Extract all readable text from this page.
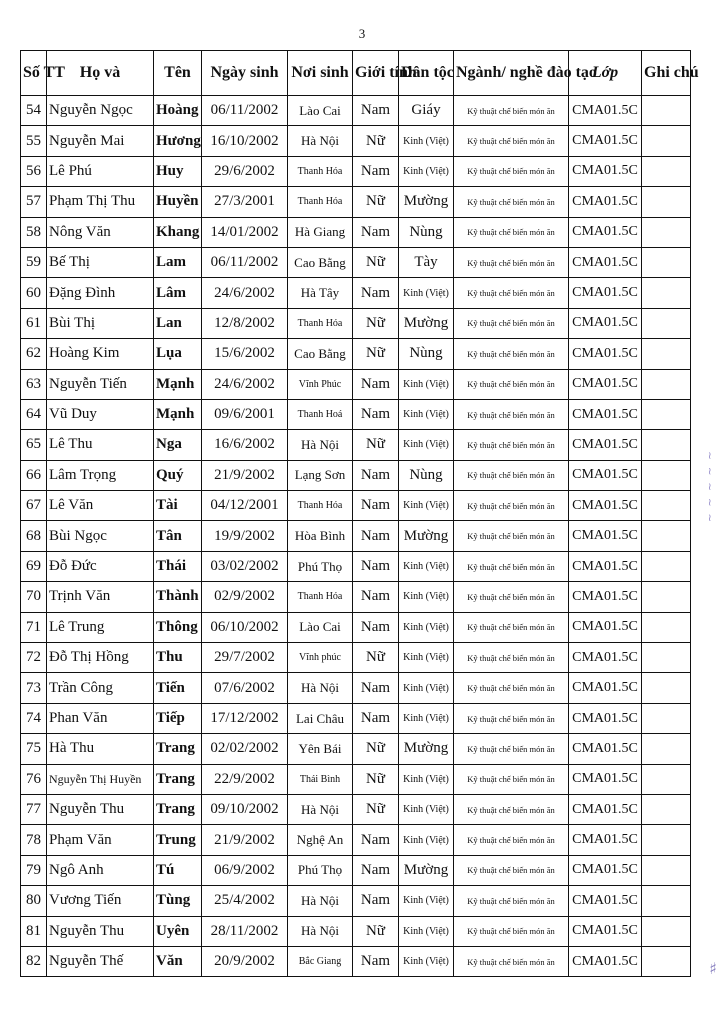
3
Số TT	Họ và	Tên	Ngày sinh	Nơi sinh	Giới tính	Dân tộc	Ngành/ nghề đào tạo	Lớp	Ghi chú
54	Nguyễn Ngọc	Hoàng	06/11/2002	Lào Cai	Nam	Giáy	Kỹ thuật chế biến món ăn	CMA01.5C	
55	Nguyễn Mai	Hương	16/10/2002	Hà Nội	Nữ	Kinh (Việt)	Kỹ thuật chế biến món ăn	CMA01.5C	
56	Lê Phú	Huy	29/6/2002	Thanh Hóa	Nam	Kinh (Việt)	Kỹ thuật chế biến món ăn	CMA01.5C	
57	Phạm Thị Thu	Huyền	27/3/2001	Thanh Hóa	Nữ	Mường	Kỹ thuật chế biến món ăn	CMA01.5C	
58	Nông Văn	Khang	14/01/2002	Hà Giang	Nam	Nùng	Kỹ thuật chế biến món ăn	CMA01.5C	
59	Bế Thị	Lam	06/11/2002	Cao Bằng	Nữ	Tày	Kỹ thuật chế biến món ăn	CMA01.5C	
60	Đặng Đình	Lâm	24/6/2002	Hà Tây	Nam	Kinh (Việt)	Kỹ thuật chế biến món ăn	CMA01.5C	
61	Bùi Thị	Lan	12/8/2002	Thanh Hóa	Nữ	Mường	Kỹ thuật chế biến món ăn	CMA01.5C	
62	Hoàng Kim	Lụa	15/6/2002	Cao Bằng	Nữ	Nùng	Kỹ thuật chế biến món ăn	CMA01.5C	
63	Nguyễn Tiến	Mạnh	24/6/2002	Vĩnh Phúc	Nam	Kinh (Việt)	Kỹ thuật chế biến món ăn	CMA01.5C	
64	Vũ Duy	Mạnh	09/6/2001	Thanh Hoá	Nam	Kinh (Việt)	Kỹ thuật chế biến món ăn	CMA01.5C	
65	Lê Thu	Nga	16/6/2002	Hà Nội	Nữ	Kinh (Việt)	Kỹ thuật chế biến món ăn	CMA01.5C	
66	Lâm Trọng	Quý	21/9/2002	Lạng Sơn	Nam	Nùng	Kỹ thuật chế biến món ăn	CMA01.5C	
67	Lê Văn	Tài	04/12/2001	Thanh Hóa	Nam	Kinh (Việt)	Kỹ thuật chế biến món ăn	CMA01.5C	
68	Bùi Ngọc	Tân	19/9/2002	Hòa Bình	Nam	Mường	Kỹ thuật chế biến món ăn	CMA01.5C	
69	Đỗ Đức	Thái	03/02/2002	Phú Thọ	Nam	Kinh (Việt)	Kỹ thuật chế biến món ăn	CMA01.5C	
70	Trịnh Văn	Thành	02/9/2002	Thanh Hóa	Nam	Kinh (Việt)	Kỹ thuật chế biến món ăn	CMA01.5C	
71	Lê Trung	Thông	06/10/2002	Lào Cai	Nam	Kinh (Việt)	Kỹ thuật chế biến món ăn	CMA01.5C	
72	Đỗ Thị Hồng	Thu	29/7/2002	Vĩnh phúc	Nữ	Kinh (Việt)	Kỹ thuật chế biến món ăn	CMA01.5C	
73	Trần Công	Tiến	07/6/2002	Hà Nội	Nam	Kinh (Việt)	Kỹ thuật chế biến món ăn	CMA01.5C	
74	Phan Văn	Tiếp	17/12/2002	Lai Châu	Nam	Kinh (Việt)	Kỹ thuật chế biến món ăn	CMA01.5C	
75	Hà Thu	Trang	02/02/2002	Yên Bái	Nữ	Mường	Kỹ thuật chế biến món ăn	CMA01.5C	
76	Nguyễn Thị Huyền	Trang	22/9/2002	Thái Bình	Nữ	Kinh (Việt)	Kỹ thuật chế biến món ăn	CMA01.5C	
77	Nguyễn Thu	Trang	09/10/2002	Hà Nội	Nữ	Kinh (Việt)	Kỹ thuật chế biến món ăn	CMA01.5C	
78	Phạm Văn	Trung	21/9/2002	Nghệ An	Nam	Kinh (Việt)	Kỹ thuật chế biến món ăn	CMA01.5C	
79	Ngô Anh	Tú	06/9/2002	Phú Thọ	Nam	Mường	Kỹ thuật chế biến món ăn	CMA01.5C	
80	Vương Tiến	Tùng	25/4/2002	Hà Nội	Nam	Kinh (Việt)	Kỹ thuật chế biến món ăn	CMA01.5C	
81	Nguyễn Thu	Uyên	28/11/2002	Hà Nội	Nữ	Kinh (Việt)	Kỹ thuật chế biến món ăn	CMA01.5C	
82	Nguyễn Thế	Văn	20/9/2002	Bắc Giang	Nam	Kinh (Việt)	Kỹ thuật chế biến món ăn	CMA01.5C	
~ ~ ~ ~ ~
♯
